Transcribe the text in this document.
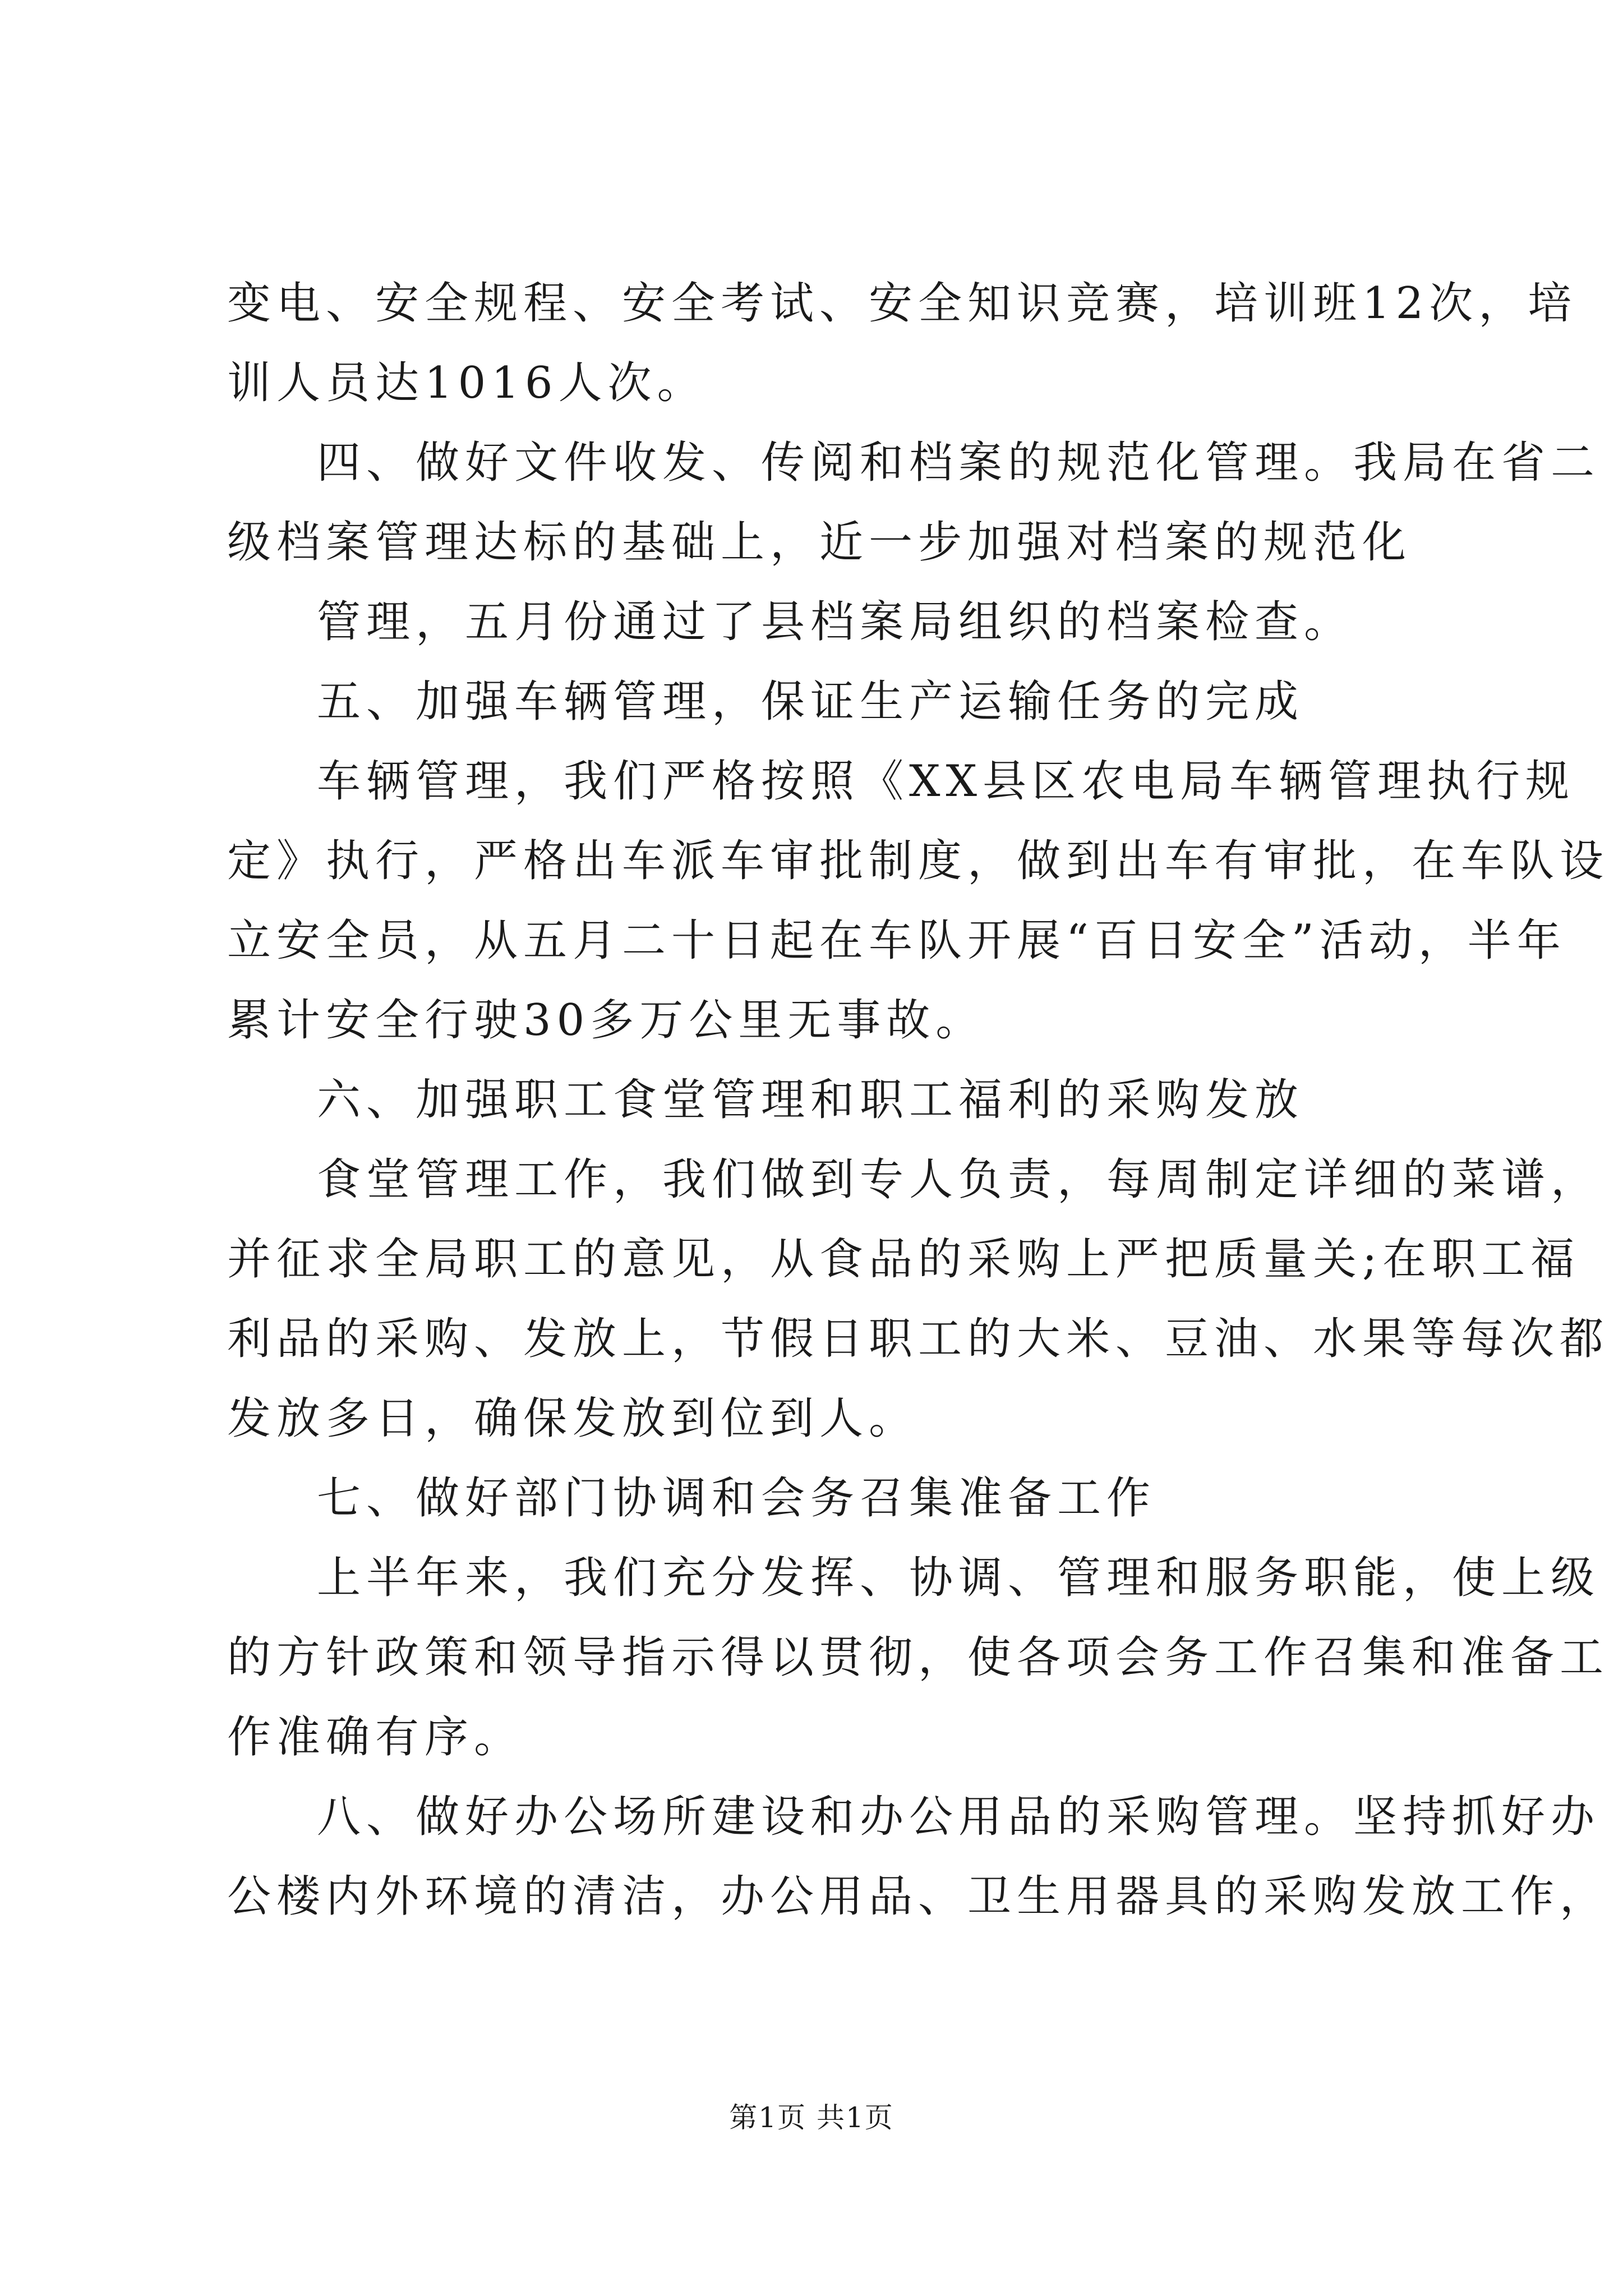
变电、安全规程、安全考试、安全知识竞赛，培训班12次，培
训人员达1016人次。
四、做好文件收发、传阅和档案的规范化管理。我局在省二
级档案管理达标的基础上，近一步加强对档案的规范化
管理，五月份通过了县档案局组织的档案检查。
五、加强车辆管理，保证生产运输任务的完成
车辆管理，我们严格按照《XX县区农电局车辆管理执行规
定》执行，严格出车派车审批制度，做到出车有审批，在车队设
立安全员，从五月二十日起在车队开展“百日安全”活动，半年
累计安全行驶30多万公里无事故。
六、加强职工食堂管理和职工福利的采购发放
食堂管理工作，我们做到专人负责，每周制定详细的菜谱，
并征求全局职工的意见，从食品的采购上严把质量关;在职工福
利品的采购、发放上，节假日职工的大米、豆油、水果等每次都
发放多日，确保发放到位到人。
七、做好部门协调和会务召集准备工作
上半年来，我们充分发挥、协调、管理和服务职能，使上级
的方针政策和领导指示得以贯彻，使各项会务工作召集和准备工
作准确有序。
八、做好办公场所建设和办公用品的采购管理。坚持抓好办
公楼内外环境的清洁，办公用品、卫生用器具的采购发放工作，
第1页 共1页
